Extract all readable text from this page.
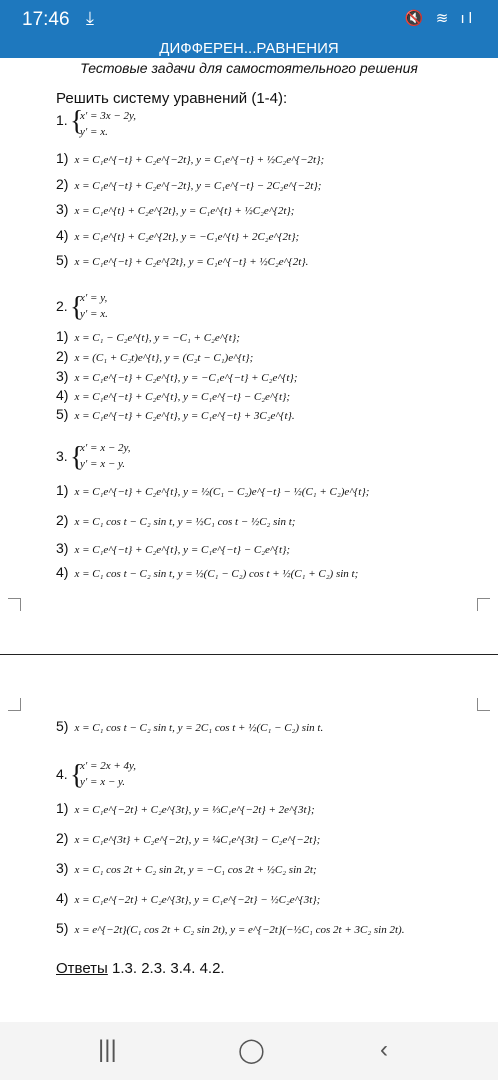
17:46 ⤓	🔇 ≋ ıl
ДИФФЕРЕН...РАВНЕНИЯ
Тестовые задачи для самостоятельного решения
Решить систему уравнений (1-4):
1. {
x′ = 3x − 2y,
y′ = x.
1) x = C₁e^{−t} + C₂e^{−2t}, y = C₁e^{−t} + ½C₂e^{−2t};
2) x = C₁e^{−t} + C₂e^{−2t}, y = C₁e^{−t} − 2C₂e^{−2t};
3) x = C₁e^{t} + C₂e^{2t}, y = C₁e^{t} + ½C₂e^{2t};
4) x = C₁e^{t} + C₂e^{2t}, y = −C₁e^{t} + 2C₂e^{2t};
5) x = C₁e^{−t} + C₂e^{2t}, y = C₁e^{−t} + ½C₂e^{2t}.
2. {
x′ = y,
y′ = x.
1) x = C₁ − C₂e^{t}, y = −C₁ + C₂e^{t};
2) x = (C₁ + C₂t)e^{t}, y = (C₂t − C₁)e^{t};
3) x = C₁e^{−t} + C₂e^{t}, y = −C₁e^{−t} + C₂e^{t};
4) x = C₁e^{−t} + C₂e^{t}, y = C₁e^{−t} − C₂e^{t};
5) x = C₁e^{−t} + C₂e^{t}, y = C₁e^{−t} + 3C₂e^{t}.
3. {
x′ = x − 2y,
y′ = x − y.
1) x = C₁e^{−t} + C₂e^{t}, y = ½(C₁ − C₂)e^{−t} − ½(C₁ + C₂)e^{t};
2) x = C₁ cos t − C₂ sin t, y = ½C₁ cos t − ½C₂ sin t;
3) x = C₁e^{−t} + C₂e^{t}, y = C₁e^{−t} − C₂e^{t};
4) x = C₁ cos t − C₂ sin t, y = ½(C₁ − C₂) cos t + ½(C₁ + C₂) sin t;
5) x = C₁ cos t − C₂ sin t, y = 2C₁ cos t + ½(C₁ − C₂) sin t.
4. {
x′ = 2x + 4y,
y′ = x − y.
1) x = C₁e^{−2t} + C₂e^{3t}, y = ⅓C₁e^{−2t} + 2e^{3t};
2) x = C₁e^{3t} + C₂e^{−2t}, y = ¼C₁e^{3t} − C₂e^{−2t};
3) x = C₁ cos 2t + C₂ sin 2t, y = −C₁ cos 2t + ½C₂ sin 2t;
4) x = C₁e^{−2t} + C₂e^{3t}, y = C₁e^{−2t} − ½C₂e^{3t};
5) x = e^{−2t}(C₁ cos 2t + C₂ sin 2t), y = e^{−2t}(−½C₁ cos 2t + 3C₂ sin 2t).
Ответы 1.3. 2.3. 3.4. 4.2.
|||	◯	‹
